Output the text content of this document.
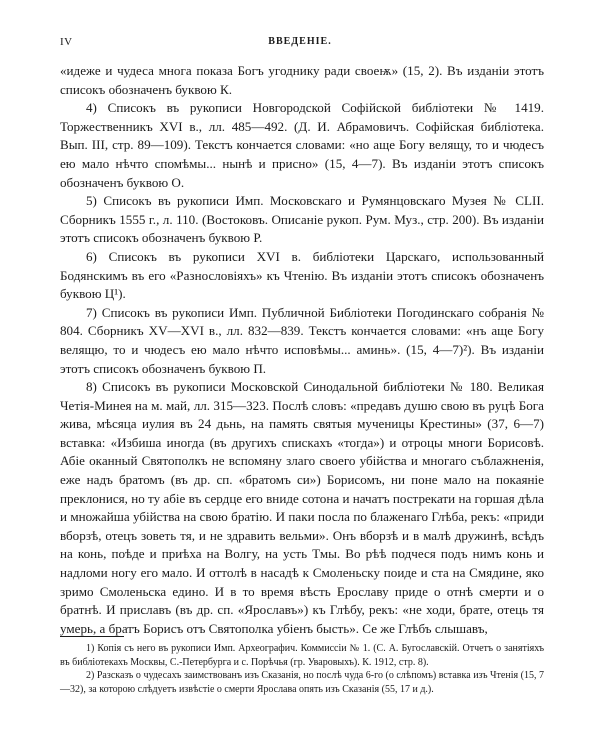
IV	ВВЕДЕНІЕ.

«идеже и чудеса многа показа Богъ угоднику ради своеѭ» (15, 2). Въ изданіи этотъ списокъ обозначенъ буквою К.

4) Списокъ въ рукописи Новгородской Софійской библіотеки № 1419. Торжественникъ XVI в., лл. 485—492. (Д. И. Абрамовичъ. Софійская библіотека. Вып. III, стр. 89—109). Текстъ кончается словами: «но аще Богу велящу, то и чюдесъ ею мало нѣчто спомѣмы... нынѣ и присно» (15, 4—7). Въ изданіи этотъ списокъ обозначенъ буквою О.

5) Списокъ въ рукописи Имп. Московскаго и Румянцовскаго Музея № CLII. Сборникъ 1555 г., л. 110. (Востоковъ. Описаніе рукоп. Рум. Муз., стр. 200). Въ изданіи этотъ списокъ обозначенъ буквою Р.

6) Списокъ въ рукописи XVI в. библіотеки Царскаго, использованный Бодянскимъ въ его «Разнословіяхъ» къ Чтенію. Въ изданіи этотъ списокъ обозначенъ буквою Ц¹).

7) Списокъ въ рукописи Имп. Публичной Библіотеки Погодинскаго собранія № 804. Сборникъ XV—XVI в., лл. 832—839. Текстъ кончается словами: «нъ аще Богу велящю, то и чюдесъ ею мало нѣчто исповѣмы... аминь». (15, 4—7)²). Въ изданіи этотъ списокъ обозначенъ буквою П.

8) Списокъ въ рукописи Московской Синодальной библіотеки № 180. Великая Четія-Минея на м. май, лл. 315—323. Послѣ словъ: «предавъ душю свою въ руцѣ Бога жива, мѣсяца иулия въ 24 дьнь, на память святыя мученицы Крестины» (37, 6—7) вставка: «Избиша иногда (въ другихъ спискахъ «тогда») и отроцы многи Борисовѣ. Абіе оканный Святополкъ не вспомяну злаго своего убійства и многаго съблажненія, еже надъ братомъ (въ др. сп. «братомъ си») Борисомъ, ни поне мало на покаяніе преклонися, но ту абіе въ сердце его вниде сотона и начатъ пострекати на горшая дѣла и множайша убійства на свою братію. И паки посла по блаженаго Глѣба, рекъ: «приди вборзѣ, отецъ зоветь тя, и не здравить вельми». Онъ вборзѣ и в малѣ дружинѣ, всѣдъ на конь, поѣде и приѣха на Волгу, на усть Тмы. Во рѣѣ подчеся подъ нимъ конь и надломи ногу его мало. И оттолѣ в насадѣ к Смоленьску поиде и ста на Смядине, яко зримо Смоленьска едино. И в то время вѣсть Ерославу приде о отнѣ смерти и о братнѣ. И приславъ (въ др. сп. «Ярославъ») къ Глѣбу, рекъ: «не ходи, брате, отець тя умерь, а братъ Борисъ отъ Святополка убіенъ бысть». Се же Глѣбъ слышавъ,

1) Копія съ него въ рукописи Имп. Археографич. Коммиссіи № 1. (С. А. Бугославскій. Отчетъ о занятіяхъ въ библіотекахъ Москвы, С.-Петербурга и с. Порѣчья (гр. Уваровыхъ). К. 1912, стр. 8).

2) Разсказъ о чудесахъ заимствованъ изъ Сказанія, но послѣ чуда 6-го (о слѣпомъ) вставка изъ Чтенія (15, 7—32), за которою слѣдуетъ извѣстіе о смерти Ярослава опять изъ Сказанія (55, 17 и д.).
